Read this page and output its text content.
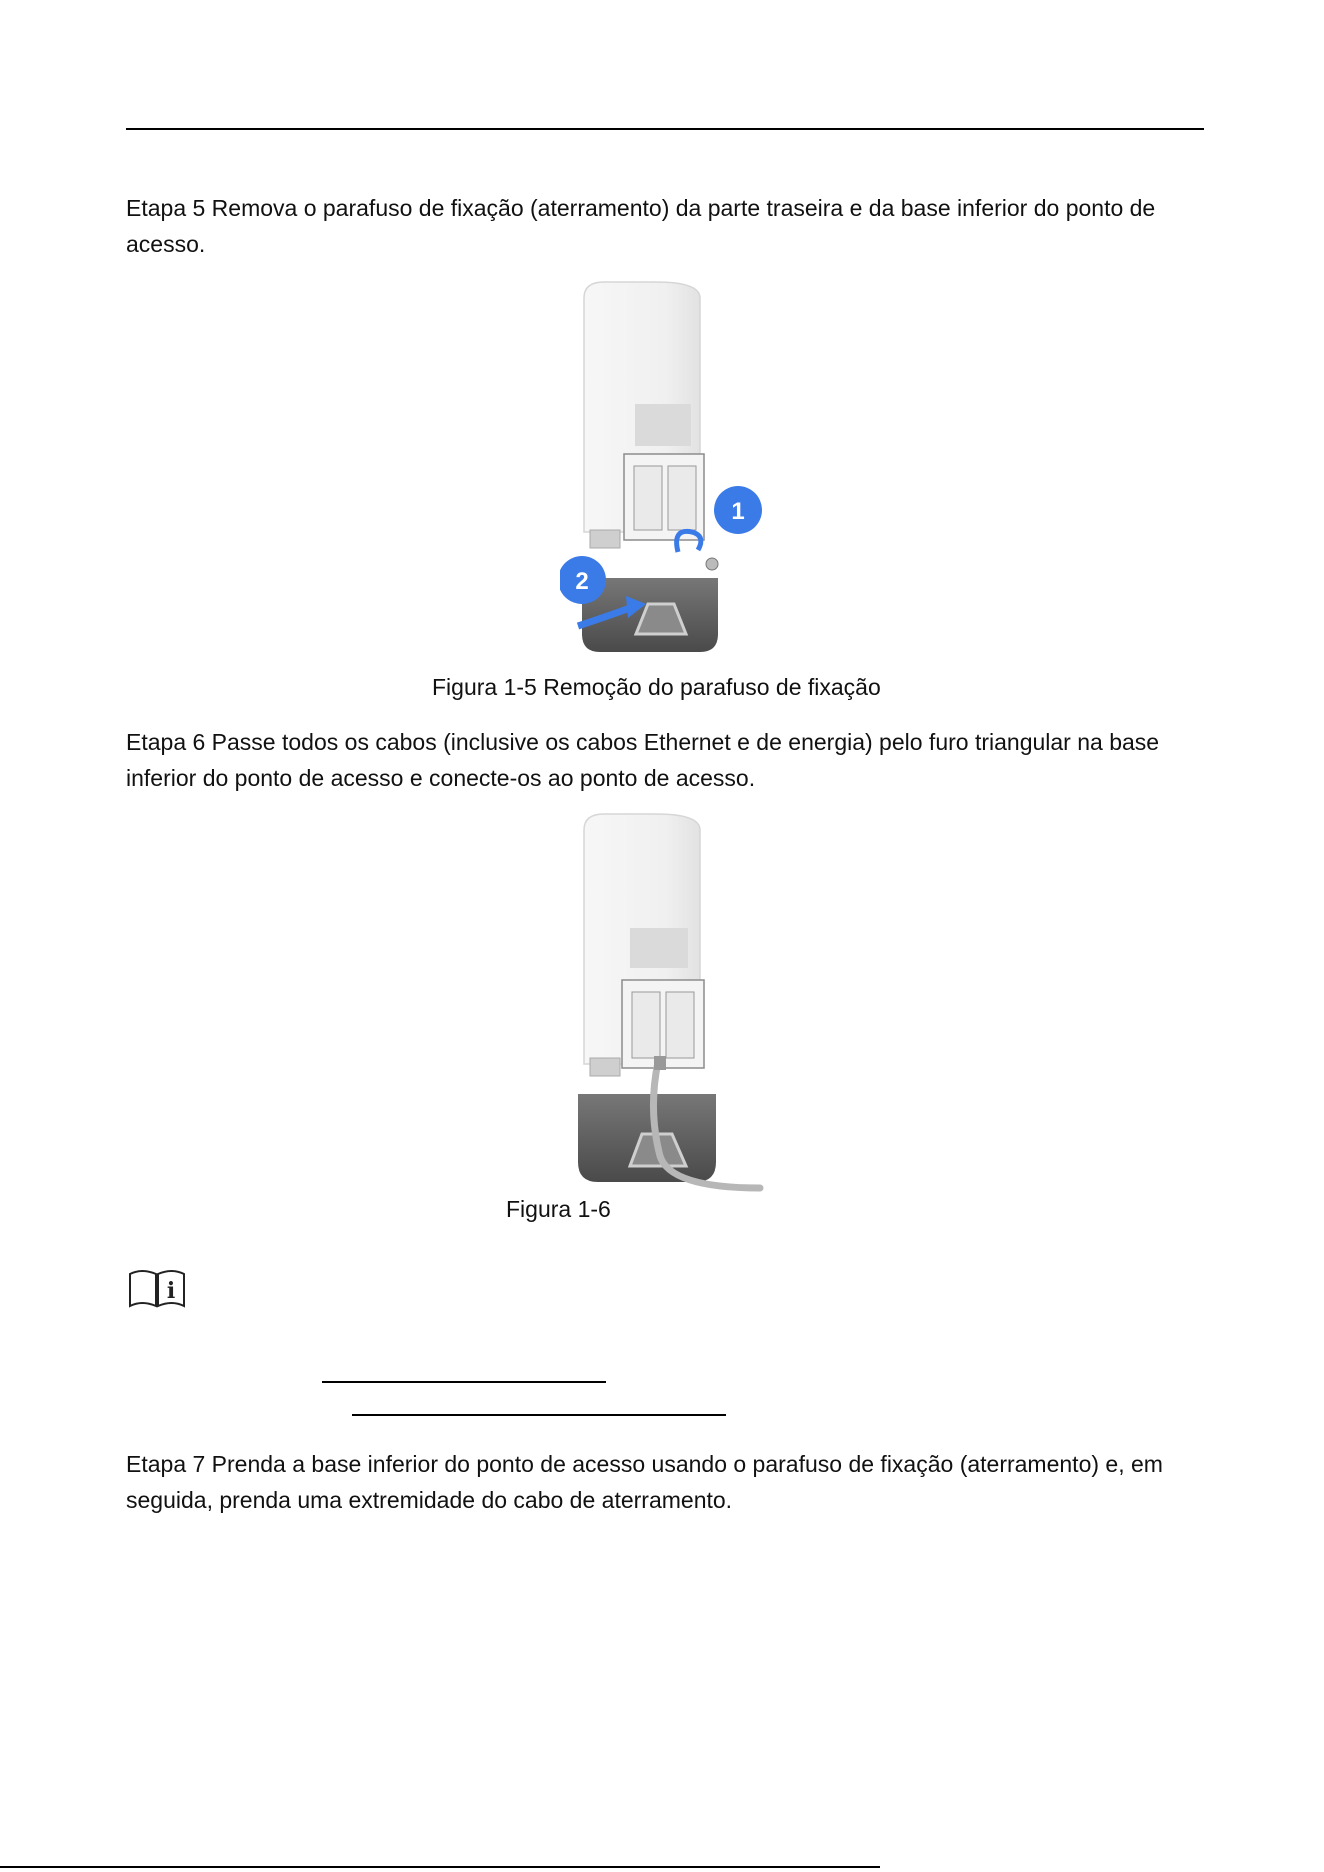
Etapa 5 Remova o parafuso de fixação (aterramento) da parte traseira e da base inferior do ponto de acesso.

1
2

Figura 1-5 Remoção do parafuso de fixação

Etapa 6 Passe todos os cabos (inclusive os cabos Ethernet e de energia) pelo furo triangular na base inferior do ponto de acesso e conecte-os ao ponto de acesso.

Figura 1-6

i

Etapa 7 Prenda a base inferior do ponto de acesso usando o parafuso de fixação (aterramento) e, em seguida, prenda uma extremidade do cabo de aterramento.
